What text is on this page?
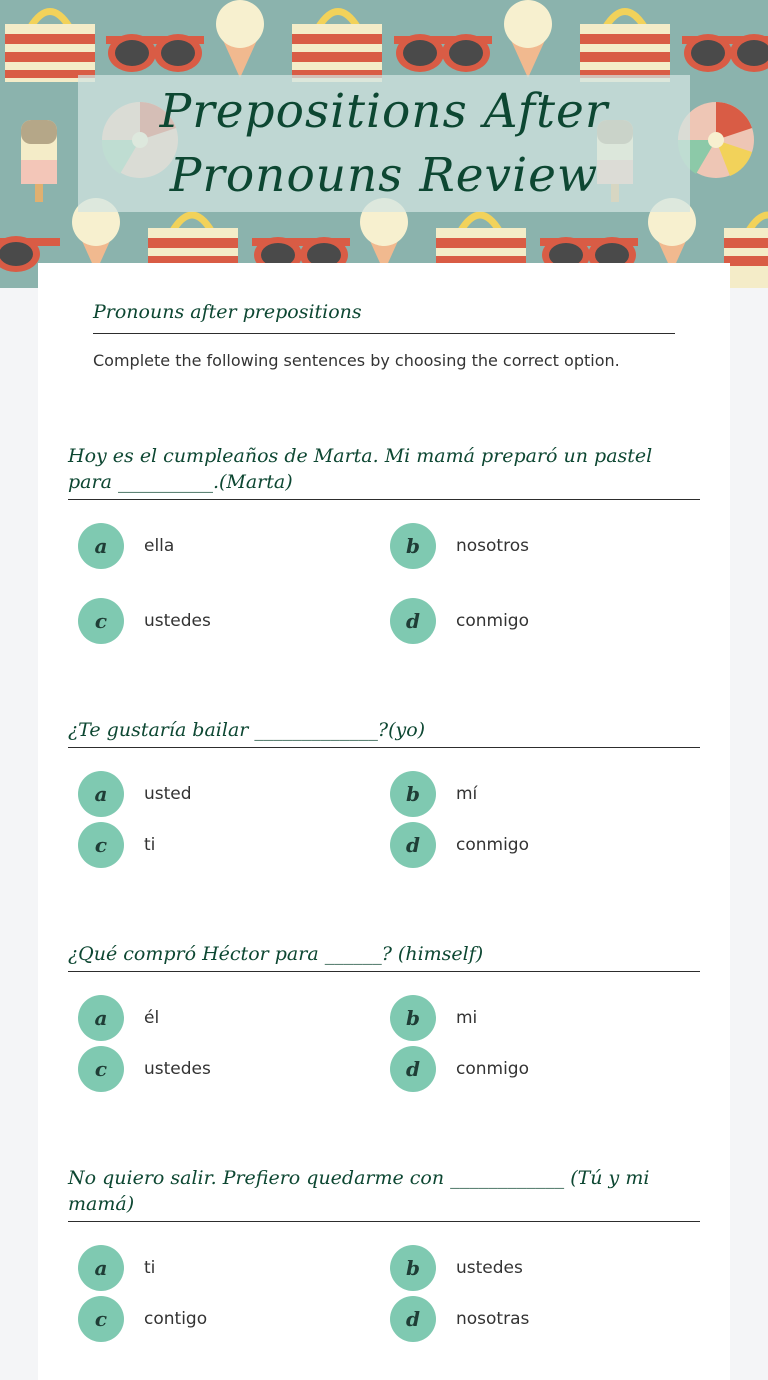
Prepositions After Pronouns Review
Pronouns after prepositions
Complete the following sentences by choosing the correct option.
Hoy es el cumpleaños de Marta. Mi mamá preparó un pastel para __________.(Marta)
a	ella	b	nosotros
c	ustedes	d	conmigo
¿Te gustaría bailar _____________?(yo)
a	usted	b	mí
c	ti	d	conmigo
¿Qué compró Héctor para ______? (himself)
a	él	b	mi
c	ustedes	d	conmigo
No quiero salir. Prefiero quedarme con ____________ (Tú y mi mamá)
a	ti	b	ustedes
c	contigo	d	nosotras
